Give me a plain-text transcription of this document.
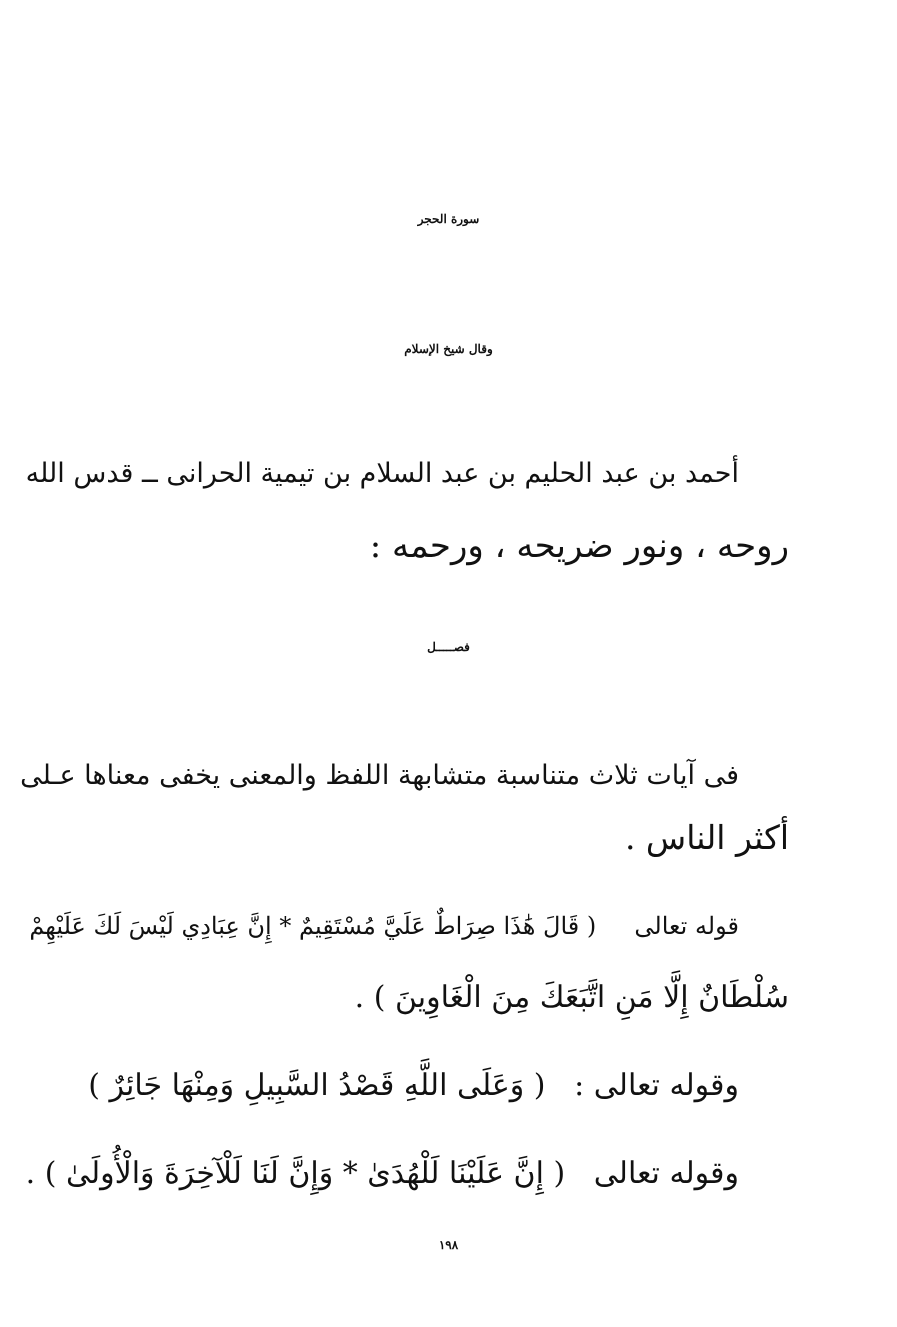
سورة الحجر
وقال شيخ الإسلام
أحمد بن عبد الحليم بن عبد السلام بن تيمية الحرانى ــ قدس الله
روحه ، ونور ضريحه ، ورحمه :
فصـــــل
فى آيات ثلاث متناسبة متشابهة اللفظ والمعنى يخفى معناها عـلى
أكثر الناس .
قوله تعالى     ( قَالَ هَٰذَا صِرَاطٌ عَلَيَّ مُسْتَقِيمٌ * إِنَّ عِبَادِي لَيْسَ لَكَ عَلَيْهِمْ
سُلْطَانٌ إِلَّا مَنِ اتَّبَعَكَ مِنَ الْغَاوِينَ ) .
وقوله تعالى :   ( وَعَلَى اللَّهِ قَصْدُ السَّبِيلِ وَمِنْهَا جَائِرٌ )
وقوله تعالى   ( إِنَّ عَلَيْنَا لَلْهُدَىٰ * وَإِنَّ لَنَا لَلْآخِرَةَ وَالْأُولَىٰ ) .
١٩٨
